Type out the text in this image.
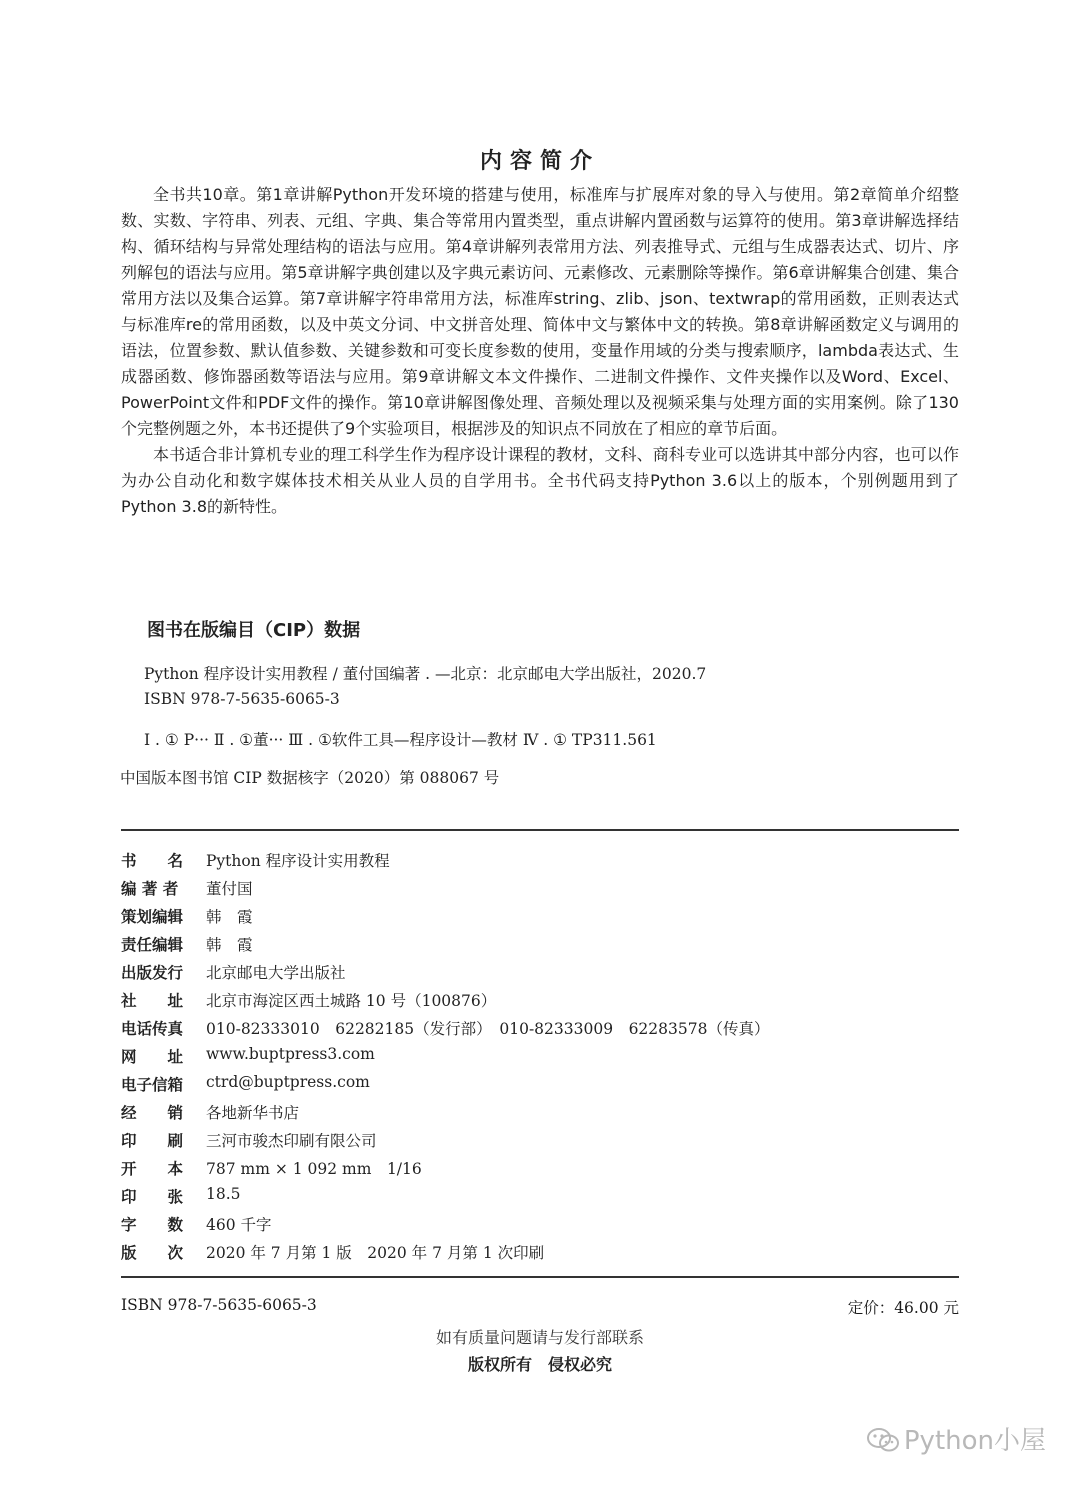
内容简介

全书共10章。第1章讲解Python开发环境的搭建与使用，标准库与扩展库对象的导入与使用。第2章简单介绍整数、实数、字符串、列表、元组、字典、集合等常用内置类型，重点讲解内置函数与运算符的使用。第3章讲解选择结构、循环结构与异常处理结构的语法与应用。第4章讲解列表常用方法、列表推导式、元组与生成器表达式、切片、序列解包的语法与应用。第5章讲解字典创建以及字典元素访问、元素修改、元素删除等操作。第6章讲解集合创建、集合常用方法以及集合运算。第7章讲解字符串常用方法，标准库string、zlib、json、textwrap的常用函数，正则表达式与标准库re的常用函数，以及中英文分词、中文拼音处理、简体中文与繁体中文的转换。第8章讲解函数定义与调用的语法，位置参数、默认值参数、关键参数和可变长度参数的使用，变量作用域的分类与搜索顺序，lambda表达式、生成器函数、修饰器函数等语法与应用。第9章讲解文本文件操作、二进制文件操作、文件夹操作以及Word、Excel、PowerPoint文件和PDF文件的操作。第10章讲解图像处理、音频处理以及视频采集与处理方面的实用案例。除了130个完整例题之外，本书还提供了9个实验项目，根据涉及的知识点不同放在了相应的章节后面。

本书适合非计算机专业的理工科学生作为程序设计课程的教材，文科、商科专业可以选讲其中部分内容，也可以作为办公自动化和数字媒体技术相关从业人员的自学用书。全书代码支持Python 3.6以上的版本，个别例题用到了Python 3.8的新特性。

图书在版编目（CIP）数据
Python 程序设计实用教程 / 董付国编著 . —北京：北京邮电大学出版社，2020.7
ISBN 978-7-5635-6065-3
Ⅰ . ① P··· Ⅱ . ①董··· Ⅲ . ①软件工具—程序设计—教材 Ⅳ . ① TP311.561
中国版本图书馆 CIP 数据核字（2020）第 088067 号
书　　名	Python 程序设计实用教程
编 著 者	董付国
策划编辑	韩　霞
责任编辑	韩　霞
出版发行	北京邮电大学出版社
社　　址	北京市海淀区西土城路 10 号（100876）
电话传真	010-82333010　62282185（发行部）　010-82333009　62283578（传真）
网　　址	www.buptpress3.com
电子信箱	ctrd@buptpress.com
经　　销	各地新华书店
印　　刷	三河市骏杰印刷有限公司
开　　本	787 mm × 1 092 mm　1/16
印　　张	18.5
字　　数	460 千字
版　　次	2020 年 7 月第 1 版　2020 年 7 月第 1 次印刷
ISBN 978-7-5635-6065-3	定价：46.00 元
如有质量问题请与发行部联系
版权所有　侵权必究
Python小屋
